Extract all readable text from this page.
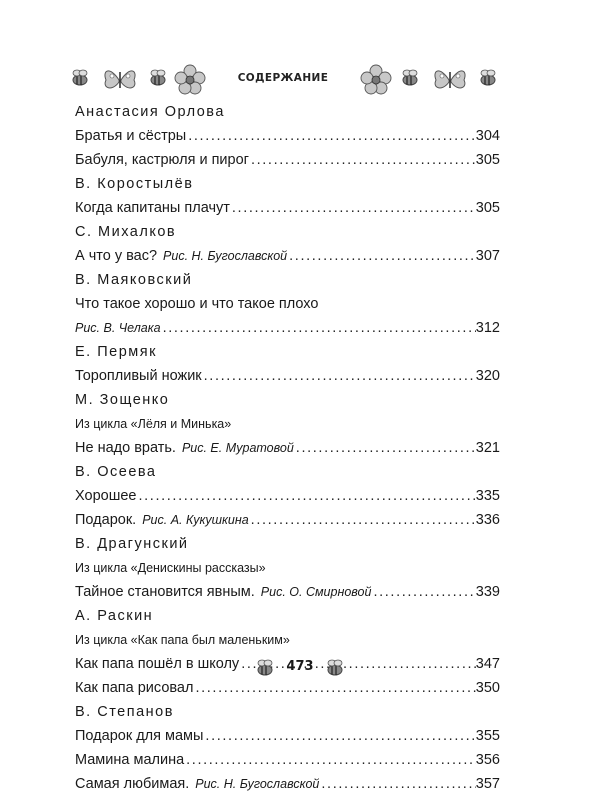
СОДЕРЖАНИЕ
Анастасия Орлова
Братья и сёстры . . .	304
Бабуля, кастрюля и пирог . . .	305
В. Коростылёв
Когда капитаны плачут . . .	305
С. Михалков
А что у вас? Рис. Н. Бугославской . . .	307
В. Маяковский
Что такое хорошо и что такое плохо
Рис. В. Челака . . .	312
Е. Пермяк
Торопливый ножик . . .	320
М. Зощенко
Из цикла «Лёля и Минька»
Не надо врать. Рис. Е. Муратовой . . .	321
В. Осеева
Хорошее . . .	335
Подарок. Рис. А. Кукушкина . . .	336
В. Драгунский
Из цикла «Денискины рассказы»
Тайное становится явным. Рис. О. Смирновой . . .	339
А. Раскин
Из цикла «Как папа был маленьким»
Как папа пошёл в школу . . .	347
Как папа рисовал . . .	350
В. Степанов
Подарок для мамы . . .	355
Мамина малина . . .	356
Самая любимая. Рис. Н. Бугославской . . .	357
473
